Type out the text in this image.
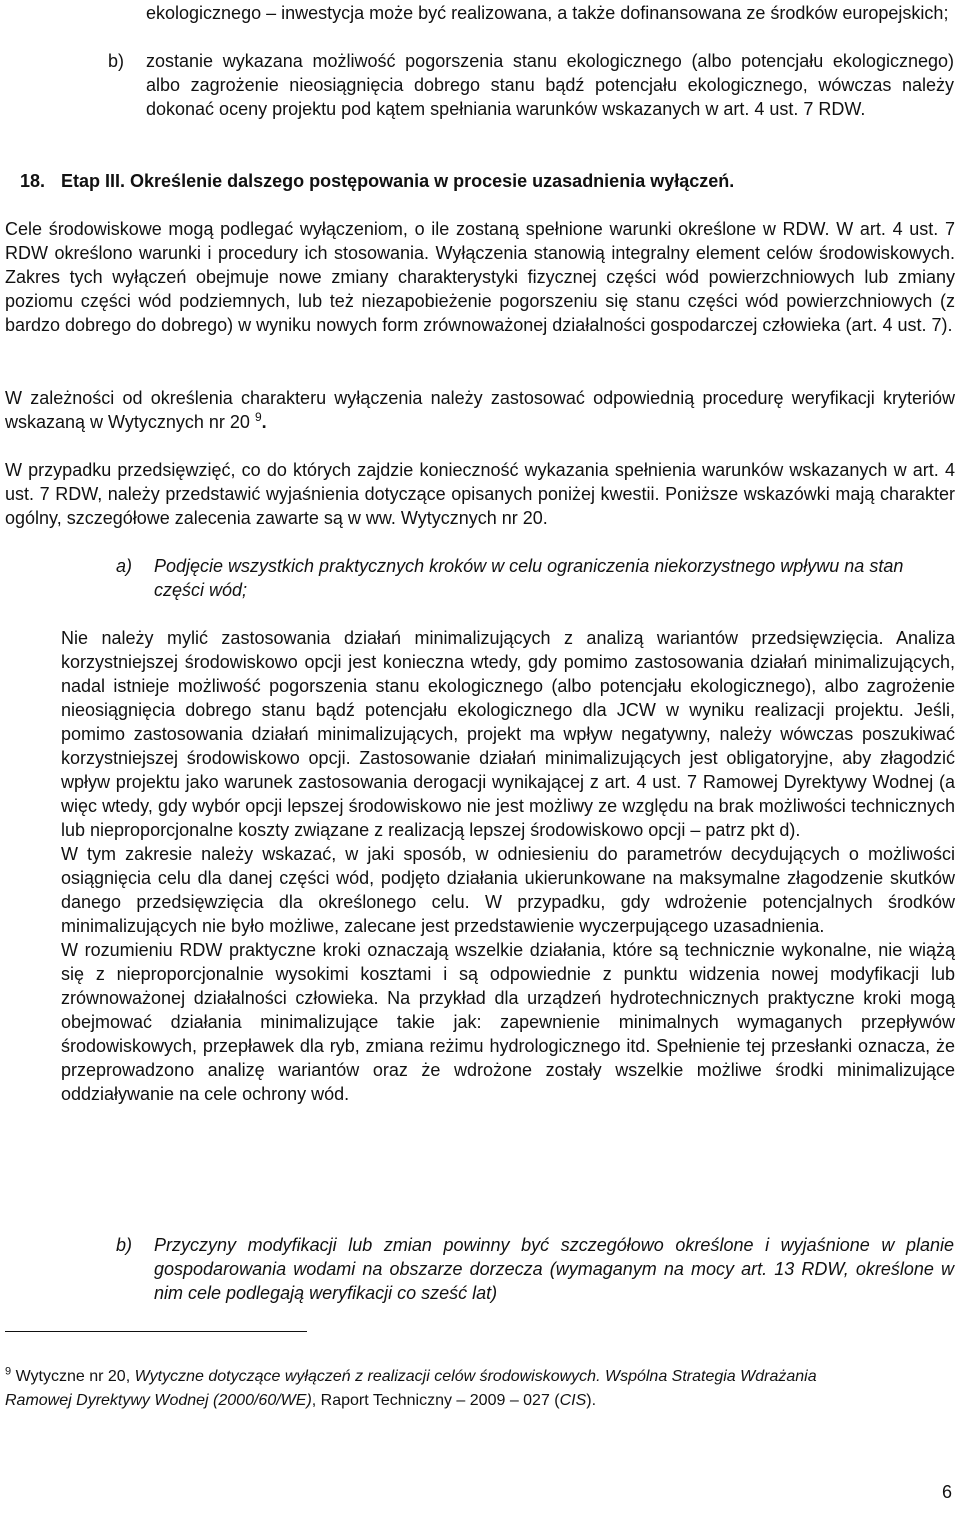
ekologicznego – inwestycja może być realizowana, a także dofinansowana ze środków europejskich;

b)	zostanie wykazana możliwość pogorszenia stanu ekologicznego (albo potencjału ekologicznego) albo zagrożenie nieosiągnięcia dobrego stanu bądź potencjału ekologicznego, wówczas należy dokonać oceny projektu pod kątem spełniania warunków wskazanych w art. 4 ust. 7 RDW.

18. Etap III. Określenie dalszego postępowania w procesie uzasadnienia wyłączeń.

Cele środowiskowe mogą podlegać wyłączeniom, o ile zostaną spełnione warunki określone w RDW. W art. 4 ust. 7 RDW określono warunki i procedury ich stosowania. Wyłączenia stanowią integralny element celów środowiskowych. Zakres tych wyłączeń obejmuje nowe zmiany charakterystyki fizycznej części wód powierzchniowych lub zmiany poziomu części wód podziemnych, lub też niezapobieżenie pogorszeniu się stanu części wód powierzchniowych (z bardzo dobrego do dobrego) w wyniku nowych form zrównoważonej działalności gospodarczej człowieka (art. 4 ust. 7).

W zależności od określenia charakteru wyłączenia należy zastosować odpowiednią procedurę weryfikacji kryteriów wskazaną w Wytycznych nr 20 $^9$.

W przypadku przedsięwzięć, co do których zajdzie konieczność wykazania spełnienia warunków wskazanych w art. 4 ust. 7 RDW, należy przedstawić wyjaśnienia dotyczące opisanych poniżej kwestii. Poniższe wskazówki mają charakter ogólny, szczegółowe zalecenia zawarte są w ww. Wytycznych nr 20.

a)	Podjęcie wszystkich praktycznych kroków w celu ograniczenia niekorzystnego wpływu na stan części wód;

Nie należy mylić zastosowania działań minimalizujących z analizą wariantów przedsięwzięcia. Analiza korzystniejszej środowiskowo opcji jest konieczna wtedy, gdy pomimo zastosowania działań minimalizujących, nadal istnieje możliwość pogorszenia stanu ekologicznego (albo potencjału ekologicznego), albo zagrożenie nieosiągnięcia dobrego stanu bądź potencjału ekologicznego dla JCW w wyniku realizacji projektu. Jeśli, pomimo zastosowania działań minimalizujących, projekt ma wpływ negatywny, należy wówczas poszukiwać korzystniejszej środowiskowo opcji. Zastosowanie działań minimalizujących jest obligatoryjne, aby złagodzić wpływ projektu jako warunek zastosowania derogacji wynikającej z art. 4 ust. 7 Ramowej Dyrektywy Wodnej (a więc wtedy, gdy wybór opcji lepszej środowiskowo nie jest możliwy ze względu na brak możliwości technicznych lub nieproporcjonalne koszty związane z realizacją lepszej środowiskowo opcji – patrz pkt d).

W tym zakresie należy wskazać, w jaki sposób, w odniesieniu do parametrów decydujących o możliwości osiągnięcia celu dla danej części wód, podjęto działania ukierunkowane na maksymalne złagodzenie skutków danego przedsięwzięcia dla określonego celu. W przypadku, gdy wdrożenie potencjalnych środków minimalizujących nie było możliwe, zalecane jest przedstawienie wyczerpującego uzasadnienia.

W rozumieniu RDW praktyczne kroki oznaczają wszelkie działania, które są technicznie wykonalne, nie wiążą się z nieproporcjonalnie wysokimi kosztami i są odpowiednie z punktu widzenia nowej modyfikacji lub zrównoważonej działalności człowieka. Na przykład dla urządzeń hydrotechnicznych praktyczne kroki mogą obejmować działania minimalizujące takie jak: zapewnienie minimalnych wymaganych przepływów środowiskowych, przepławek dla ryb, zmiana reżimu hydrologicznego itd. Spełnienie tej przesłanki oznacza, że przeprowadzono analizę wariantów oraz że wdrożone zostały wszelkie możliwe środki minimalizujące oddziaływanie na cele ochrony wód.

b)	Przyczyny modyfikacji lub zmian powinny być szczegółowo określone i wyjaśnione w planie gospodarowania wodami na obszarze dorzecza (wymaganym na mocy art. 13 RDW, określone w nim cele podlegają weryfikacji co sześć lat)

$^9$ Wytyczne nr 20, Wytyczne dotyczące wyłączeń z realizacji celów środowiskowych. Wspólna Strategia Wdrażania Ramowej Dyrektywy Wodnej (2000/60/WE), Raport Techniczny – 2009 – 027 (CIS).
6
